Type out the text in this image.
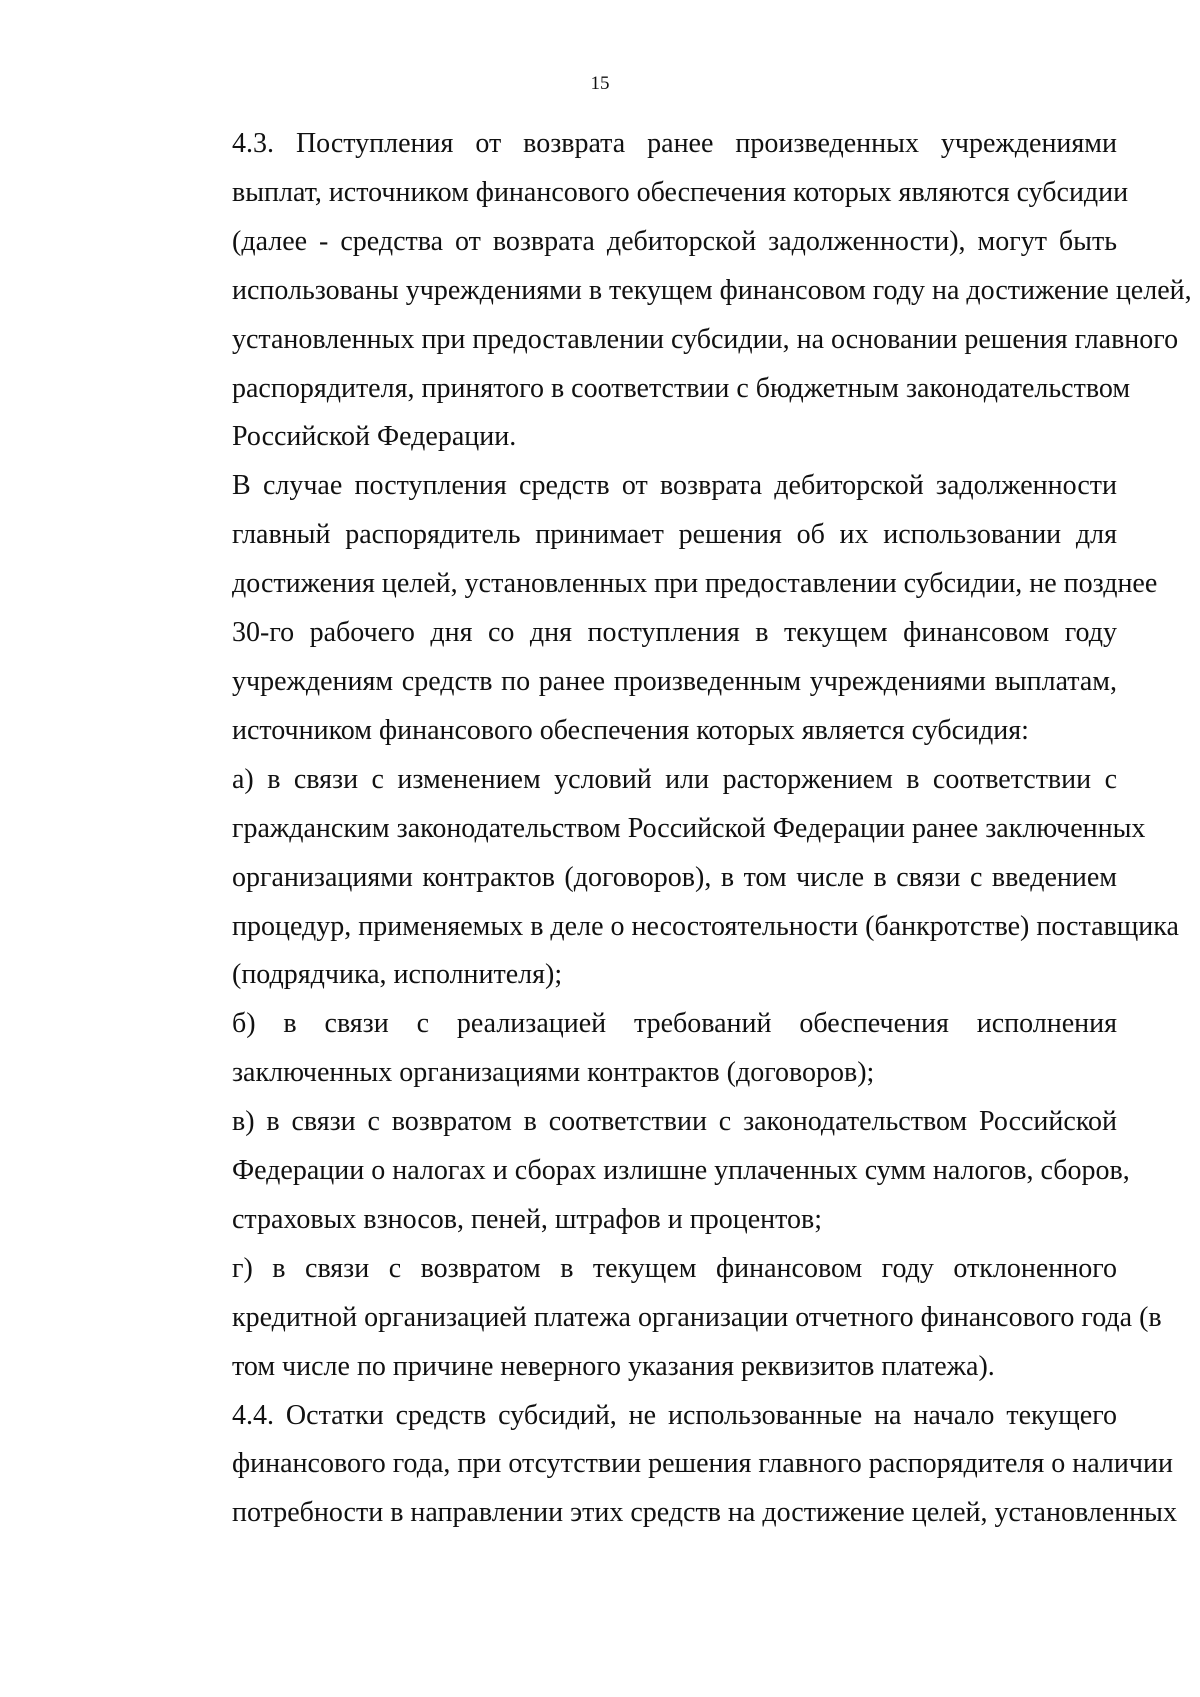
15
4.3. Поступления от возврата ранее произведенных учреждениями
выплат, источником финансового обеспечения которых являются субсидии
(далее - средства от возврата дебиторской задолженности), могут быть
использованы учреждениями в текущем финансовом году на достижение целей,
установленных при предоставлении субсидии, на основании решения главного
распорядителя, принятого в соответствии с бюджетным законодательством
Российской Федерации.
В случае поступления средств от возврата дебиторской задолженности
главный распорядитель принимает решения об их использовании для
достижения целей, установленных при предоставлении субсидии, не позднее
30-го рабочего дня со дня поступления в текущем финансовом году
учреждениям средств по ранее произведенным учреждениями выплатам,
источником финансового обеспечения которых является субсидия:
а) в связи с изменением условий или расторжением в соответствии с
гражданским законодательством Российской Федерации ранее заключенных
организациями контрактов (договоров), в том числе в связи с введением
процедур, применяемых в деле о несостоятельности (банкротстве) поставщика
(подрядчика, исполнителя);
б) в связи с реализацией требований обеспечения исполнения
заключенных организациями контрактов (договоров);
в) в связи с возвратом в соответствии с законодательством Российской
Федерации о налогах и сборах излишне уплаченных сумм налогов, сборов,
страховых взносов, пеней, штрафов и процентов;
г) в связи с возвратом в текущем финансовом году отклоненного
кредитной организацией платежа организации отчетного финансового года (в
том числе по причине неверного указания реквизитов платежа).
4.4. Остатки средств субсидий, не использованные на начало текущего
финансового года, при отсутствии решения главного распорядителя о наличии
потребности в направлении этих средств на достижение целей, установленных
